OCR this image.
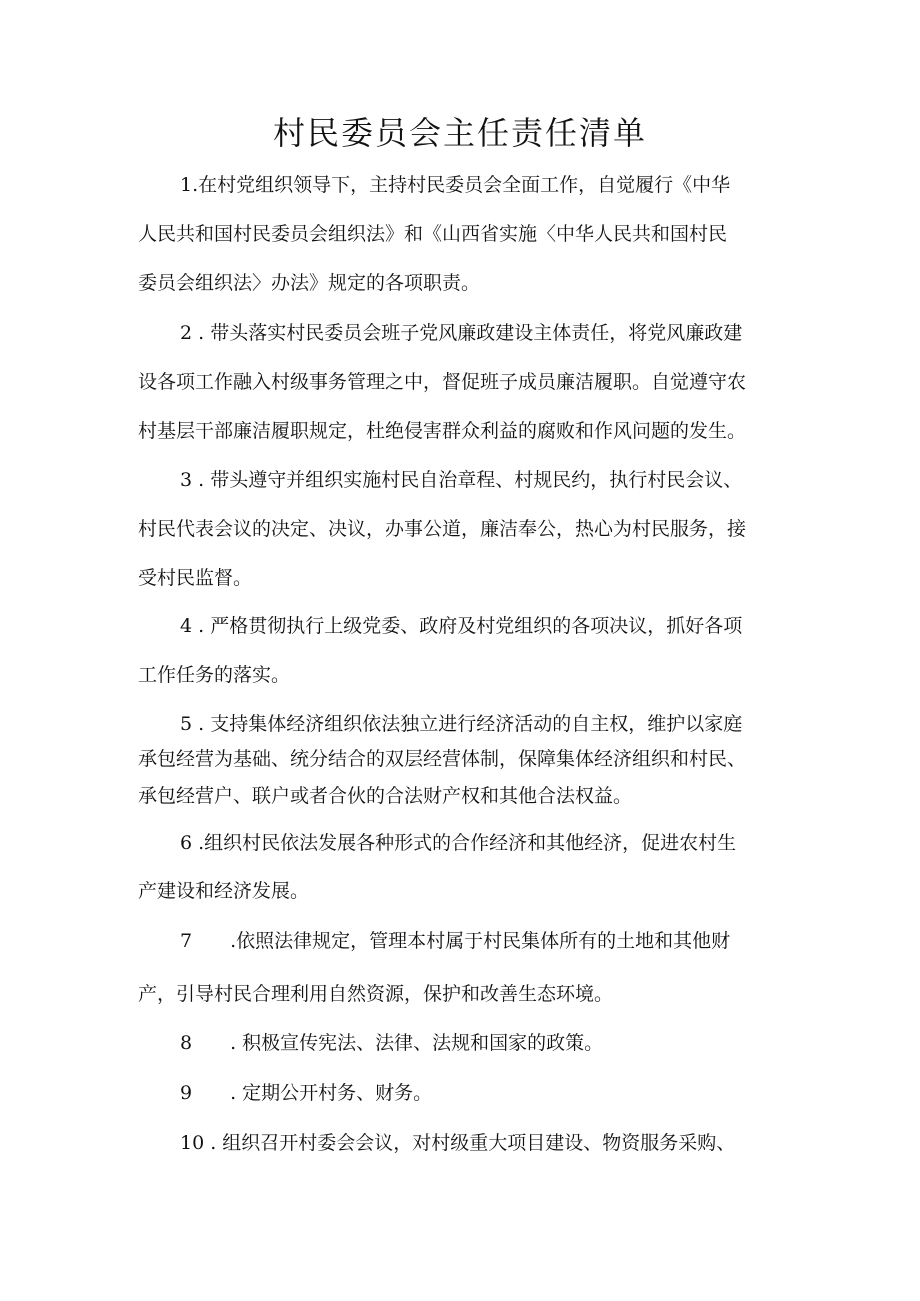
村民委员会主任责任清单
1.在村党组织领导下，主持村民委员会全面工作，自觉履行《中华
人民共和国村民委员会组织法》和《山西省实施〈中华人民共和国村民
委员会组织法〉办法》规定的各项职责。
2 . 带头落实村民委员会班子党风廉政建设主体责任，将党风廉政建
设各项工作融入村级事务管理之中，督促班子成员廉洁履职。自觉遵守农
村基层干部廉洁履职规定，杜绝侵害群众利益的腐败和作风问题的发生。
3 . 带头遵守并组织实施村民自治章程、村规民约，执行村民会议、
村民代表会议的决定、决议，办事公道，廉洁奉公，热心为村民服务，接
受村民监督。
4 . 严格贯彻执行上级党委、政府及村党组织的各项决议，抓好各项
工作任务的落实。
5 . 支持集体经济组织依法独立进行经济活动的自主权，维护以家庭
承包经营为基础、统分结合的双层经营体制，保障集体经济组织和村民、
承包经营户、联户或者合伙的合法财产权和其他合法权益。
6 .组织村民依法发展各种形式的合作经济和其他经济，促进农村生
产建设和经济发展。
7　　.依照法律规定，管理本村属于村民集体所有的土地和其他财
产，引导村民合理利用自然资源，保护和改善生态环境。
8　　. 积极宣传宪法、法律、法规和国家的政策。
9　　. 定期公开村务、财务。
10 . 组织召开村委会会议，对村级重大项目建设、物资服务采购、
